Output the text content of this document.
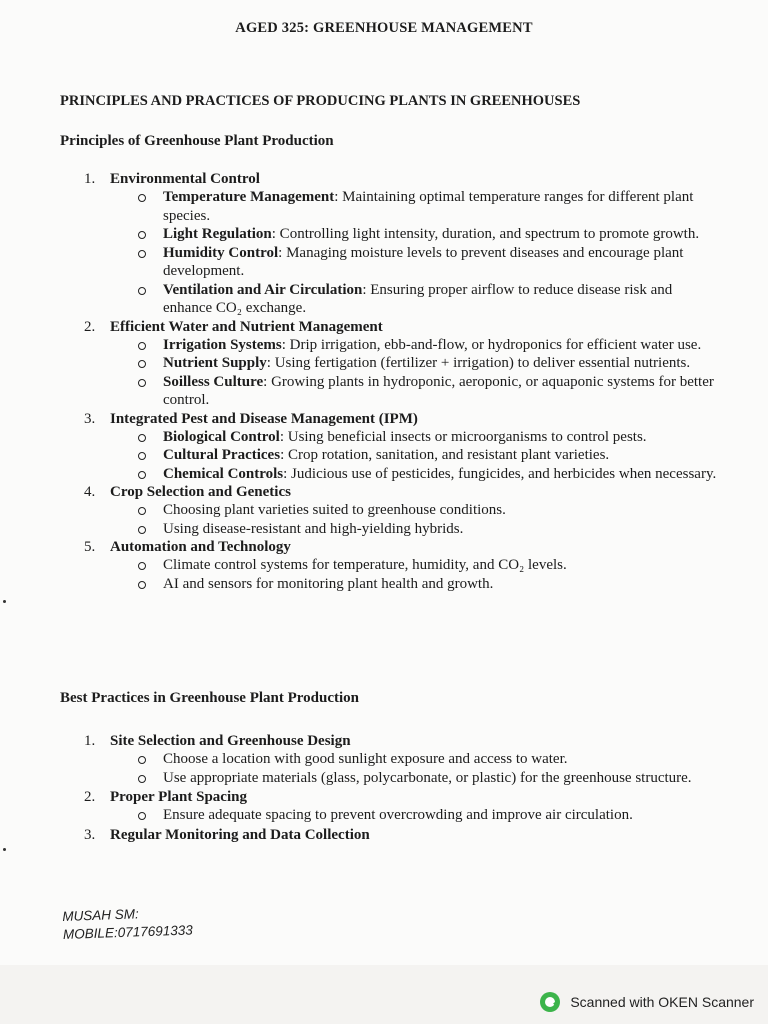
AGED 325: GREENHOUSE MANAGEMENT
PRINCIPLES AND PRACTICES OF PRODUCING PLANTS IN GREENHOUSES
Principles of Greenhouse Plant Production
1. Environmental Control
Temperature Management: Maintaining optimal temperature ranges for different plant species.
Light Regulation: Controlling light intensity, duration, and spectrum to promote growth.
Humidity Control: Managing moisture levels to prevent diseases and encourage plant development.
Ventilation and Air Circulation: Ensuring proper airflow to reduce disease risk and enhance CO₂ exchange.
2. Efficient Water and Nutrient Management
Irrigation Systems: Drip irrigation, ebb-and-flow, or hydroponics for efficient water use.
Nutrient Supply: Using fertigation (fertilizer + irrigation) to deliver essential nutrients.
Soilless Culture: Growing plants in hydroponic, aeroponic, or aquaponic systems for better control.
3. Integrated Pest and Disease Management (IPM)
Biological Control: Using beneficial insects or microorganisms to control pests.
Cultural Practices: Crop rotation, sanitation, and resistant plant varieties.
Chemical Controls: Judicious use of pesticides, fungicides, and herbicides when necessary.
4. Crop Selection and Genetics
Choosing plant varieties suited to greenhouse conditions.
Using disease-resistant and high-yielding hybrids.
5. Automation and Technology
Climate control systems for temperature, humidity, and CO₂ levels.
AI and sensors for monitoring plant health and growth.
Best Practices in Greenhouse Plant Production
1. Site Selection and Greenhouse Design
Choose a location with good sunlight exposure and access to water.
Use appropriate materials (glass, polycarbonate, or plastic) for the greenhouse structure.
2. Proper Plant Spacing
Ensure adequate spacing to prevent overcrowding and improve air circulation.
3. Regular Monitoring and Data Collection
MUSAH SM:
MOBILE:0717691333
Scanned with OKEN Scanner
